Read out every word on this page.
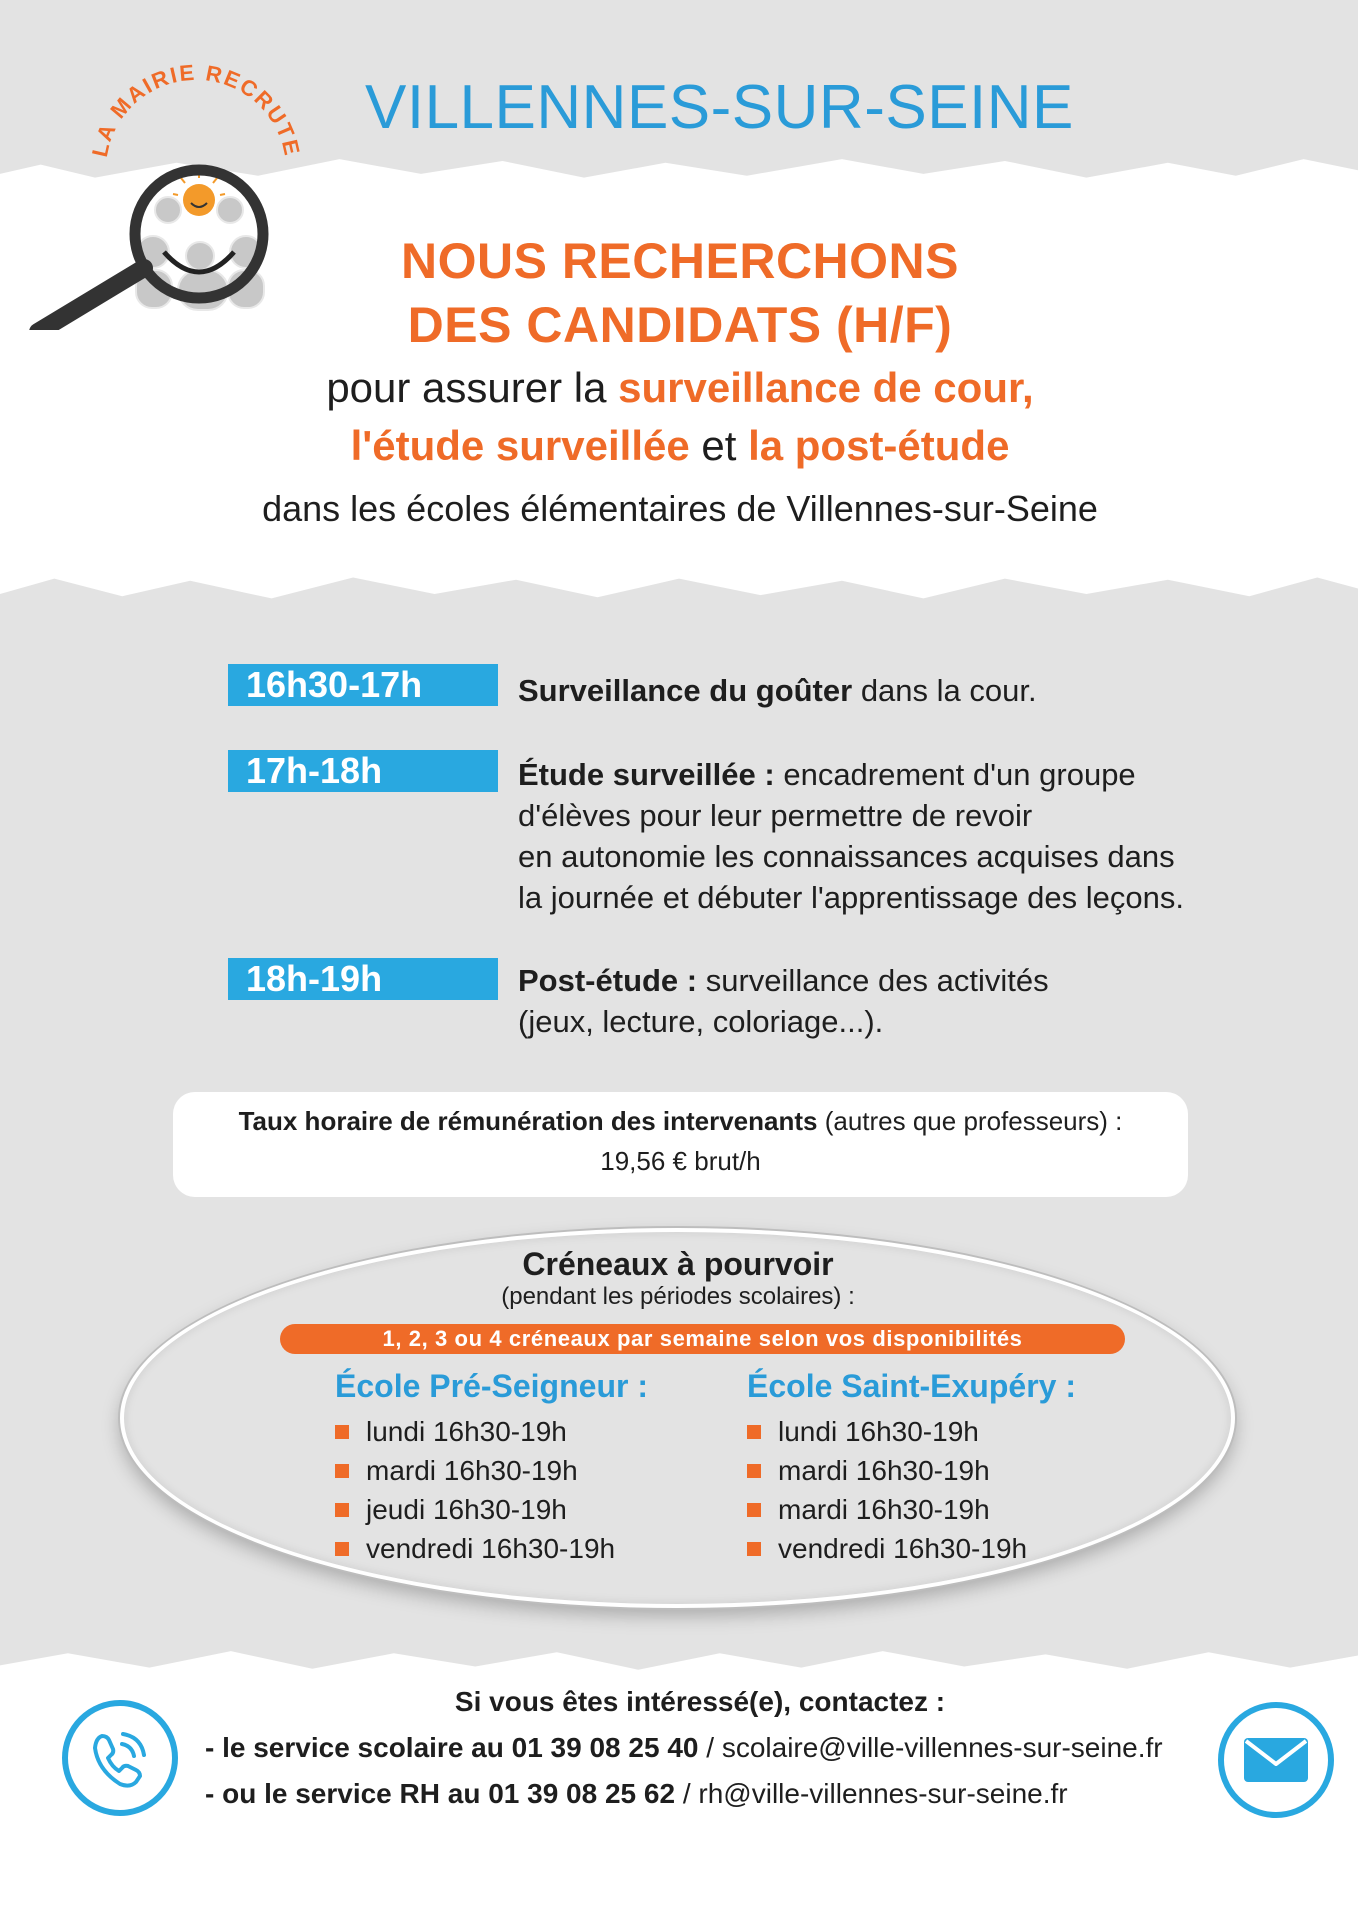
LA MAIRIE RECRUTE
VILLENNES-SUR-SEINE
NOUS RECHERCHONS
DES CANDIDATS (H/F)
pour assurer la surveillance de cour,
l'étude surveillée et la post-étude
dans les écoles élémentaires de Villennes-sur-Seine
16h30-17h	Surveillance du goûter dans la cour.
17h-18h	Étude surveillée : encadrement d'un groupe
d'élèves pour leur permettre de revoir
en autonomie les connaissances acquises dans
la journée et débuter l'apprentissage des leçons.
18h-19h	Post-étude : surveillance des activités
(jeux, lecture, coloriage...).
Taux horaire de rémunération des intervenants (autres que professeurs) :
19,56 € brut/h
Créneaux à pourvoir
(pendant les périodes scolaires) :
1, 2, 3 ou 4 créneaux par semaine selon vos disponibilités
École Pré-Seigneur :
lundi 16h30-19h
mardi 16h30-19h
jeudi 16h30-19h
vendredi 16h30-19h
École Saint-Exupéry :
lundi 16h30-19h
mardi 16h30-19h
mardi 16h30-19h
vendredi 16h30-19h
Si vous êtes intéressé(e), contactez :
- le service scolaire au 01 39 08 25 40 / scolaire@ville-villennes-sur-seine.fr
- ou le service RH au 01 39 08 25 62 / rh@ville-villennes-sur-seine.fr
